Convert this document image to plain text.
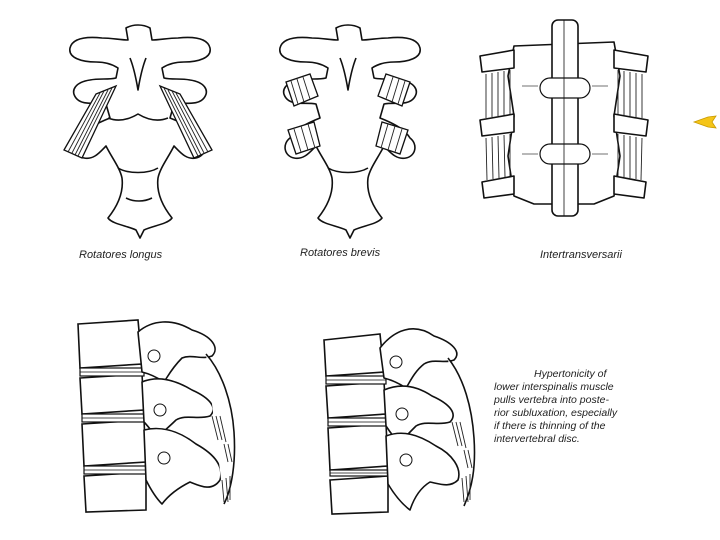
Rotatores longus	Rotatores brevis	Intertransversarii
Hypertonicity of
lower interspinalis muscle
pulls vertebra into poste-
rior subluxation, especially
if there is thinning of the
intervertebral disc.
